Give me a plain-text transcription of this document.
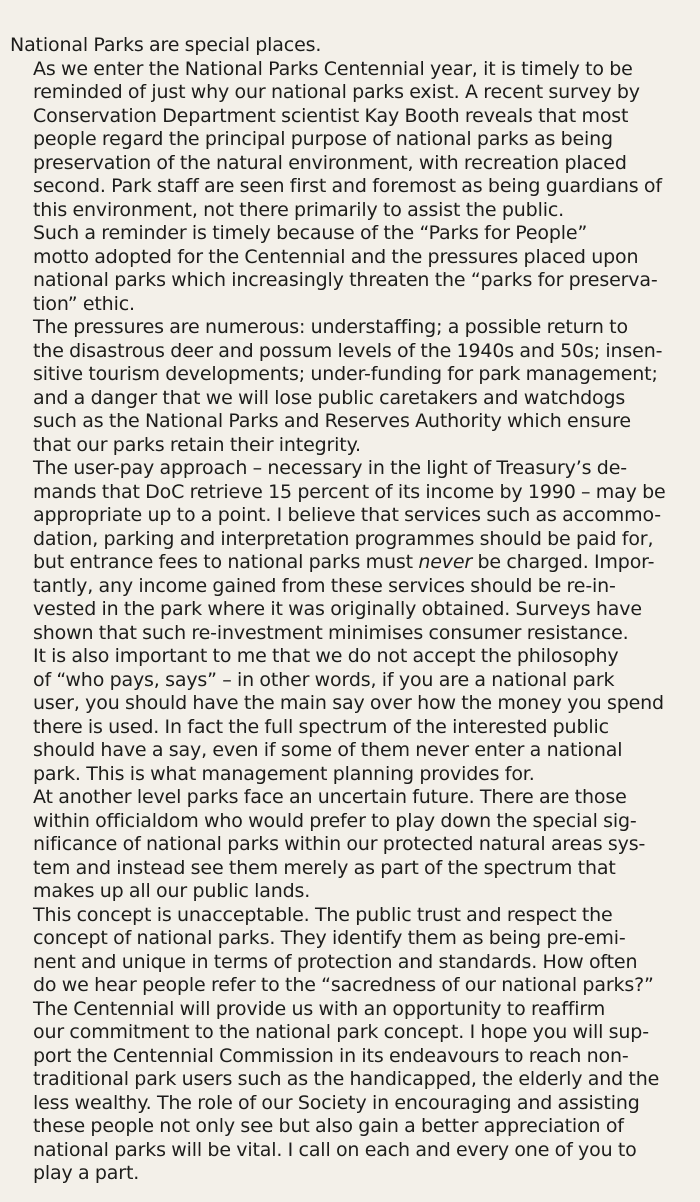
National Parks are special places.

As we enter the National Parks Centennial year, it is timely to be
reminded of just why our national parks exist. A recent survey by
Conservation Department scientist Kay Booth reveals that most
people regard the principal purpose of national parks as being
preservation of the natural environment, with recreation placed
second. Park staff are seen first and foremost as being guardians of
this environment, not there primarily to assist the public.

Such a reminder is timely because of the “Parks for People”
motto adopted for the Centennial and the pressures placed upon
national parks which increasingly threaten the “parks for preserva-
tion” ethic.

The pressures are numerous: understaffing; a possible return to
the disastrous deer and possum levels of the 1940s and 50s; insen-
sitive tourism developments; under-funding for park management;
and a danger that we will lose public caretakers and watchdogs
such as the National Parks and Reserves Authority which ensure
that our parks retain their integrity.

The user-pay approach – necessary in the light of Treasury’s de-
mands that DoC retrieve 15 percent of its income by 1990 – may be
appropriate up to a point. I believe that services such as accommo-
dation, parking and interpretation programmes should be paid for,
but entrance fees to national parks must never be charged. Impor-
tantly, any income gained from these services should be re-in-
vested in the park where it was originally obtained. Surveys have
shown that such re-investment minimises consumer resistance.

It is also important to me that we do not accept the philosophy
of “who pays, says” – in other words, if you are a national park
user, you should have the main say over how the money you spend
there is used. In fact the full spectrum of the interested public
should have a say, even if some of them never enter a national
park. This is what management planning provides for.

At another level parks face an uncertain future. There are those
within officialdom who would prefer to play down the special sig-
nificance of national parks within our protected natural areas sys-
tem and instead see them merely as part of the spectrum that
makes up all our public lands.

This concept is unacceptable. The public trust and respect the
concept of national parks. They identify them as being pre-emi-
nent and unique in terms of protection and standards. How often
do we hear people refer to the “sacredness of our national parks?”

The Centennial will provide us with an opportunity to reaffirm
our commitment to the national park concept. I hope you will sup-
port the Centennial Commission in its endeavours to reach non-
traditional park users such as the handicapped, the elderly and the
less wealthy. The role of our Society in encouraging and assisting
these people not only see but also gain a better appreciation of
national parks will be vital. I call on each and every one of you to
play a part.
